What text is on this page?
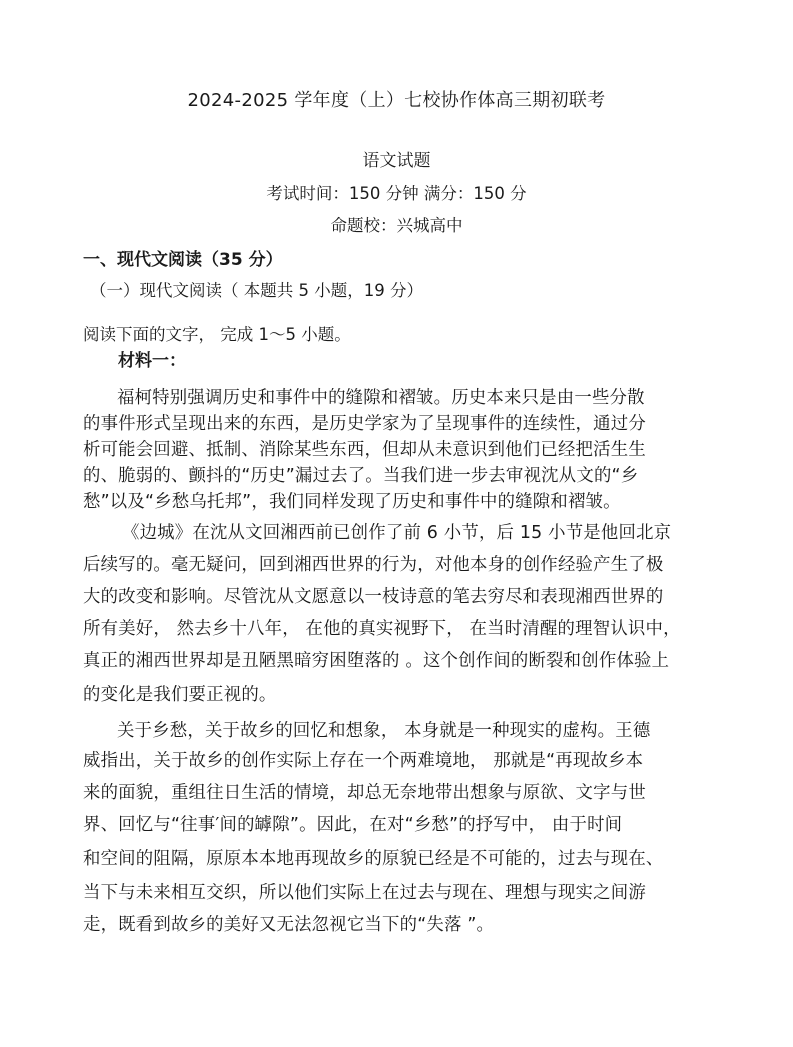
2024-2025 学年度（上）七校协作体高三期初联考
语文试题
考试时间：150 分钟 满分：150 分
命题校：兴城高中
一、现代文阅读（35 分）
（一）现代文阅读（ 本题共 5 小题，19 分）
阅读下面的文字， 完成 1～5 小题。
材料一：
福柯特别强调历史和事件中的缝隙和褶皱。历史本来只是由一些分散
的事件形式呈现出来的东西，是历史学家为了呈现事件的连续性，通过分
析可能会回避、抵制、消除某些东西，但却从未意识到他们已经把活生生
的、脆弱的、颤抖的“历史”漏过去了。当我们进一步去审视沈从文的“乡
愁”以及“乡愁乌托邦”，我们同样发现了历史和事件中的缝隙和褶皱。
《边城》在沈从文回湘西前已创作了前 6 小节，后 15 小节是他回北京
后续写的。毫无疑问，回到湘西世界的行为，对他本身的创作经验产生了极
大的改变和影响。尽管沈从文愿意以一枝诗意的笔去穷尽和表现湘西世界的
所有美好， 然去乡十八年， 在他的真实视野下， 在当时清醒的理智认识中，
真正的湘西世界却是丑陋黑暗穷困堕落的 。这个创作间的断裂和创作体验上
的变化是我们要正视的。
关于乡愁，关于故乡的回忆和想象， 本身就是一种现实的虚构。王德
威指出，关于故乡的创作实际上存在一个两难境地， 那就是“再现故乡本
来的面貌，重组往日生活的情境，却总无奈地带出想象与原欲、文字与世
界、回忆与“往事′间的罅隙”。因此，在对“乡愁”的抒写中， 由于时间
和空间的阻隔，原原本本地再现故乡的原貌已经是不可能的，过去与现在、
当下与未来相互交织，所以他们实际上在过去与现在、理想与现实之间游
走，既看到故乡的美好又无法忽视它当下的“失落 ”。
